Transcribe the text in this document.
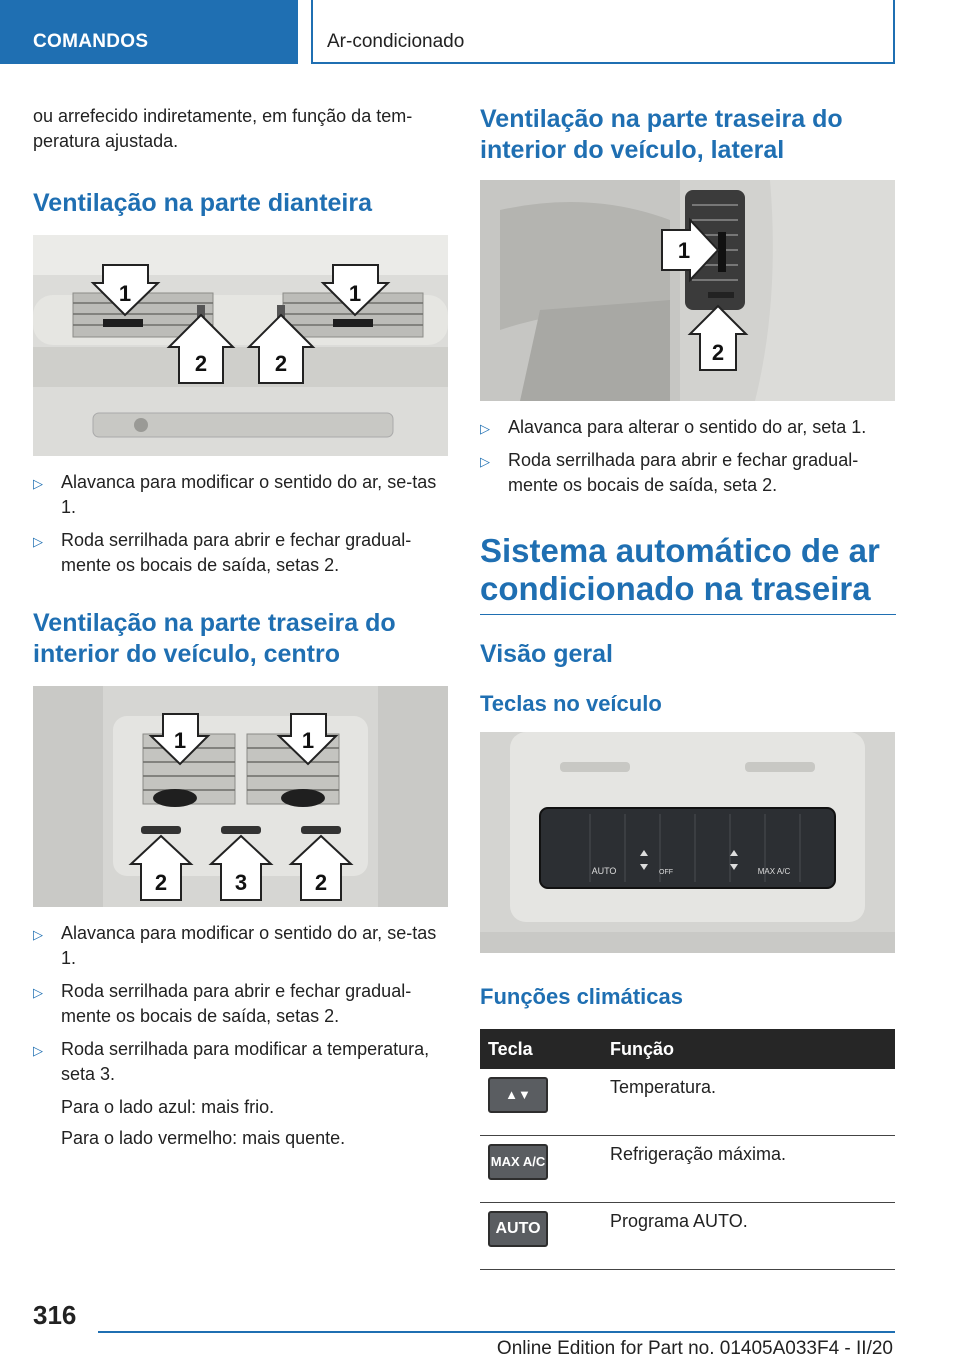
COMANDOS	Ar-condicionado

ou arrefecido indiretamente, em função da tem-peratura ajustada.

Ventilação na parte dianteira
1	1
2	2
▷ Alavanca para modificar o sentido do ar, se-tas 1.
▷ Roda serrilhada para abrir e fechar gradual-mente os bocais de saída, setas 2.
Ventilação na parte traseira do interior do veículo, centro
1	1
2	3	2
▷ Alavanca para modificar o sentido do ar, se-tas 1.
▷ Roda serrilhada para abrir e fechar gradual-mente os bocais de saída, setas 2.
▷ Roda serrilhada para modificar a temperatura, seta 3.
Para o lado azul: mais frio.
Para o lado vermelho: mais quente.
Ventilação na parte traseira do interior do veículo, lateral
1
2
▷ Alavanca para alterar o sentido do ar, seta 1.
▷ Roda serrilhada para abrir e fechar gradual-mente os bocais de saída, seta 2.
Sistema automático de ar condicionado na traseira
Visão geral
Teclas no veículo
AUTO	MAX A/C
OFF
Funções climáticas
Tecla	Função

▲▼	Temperatura.

MAX A/C	Refrigeração máxima.

AUTO	Programa AUTO.
316
Online Edition for Part no. 01405A033F4 - II/20
